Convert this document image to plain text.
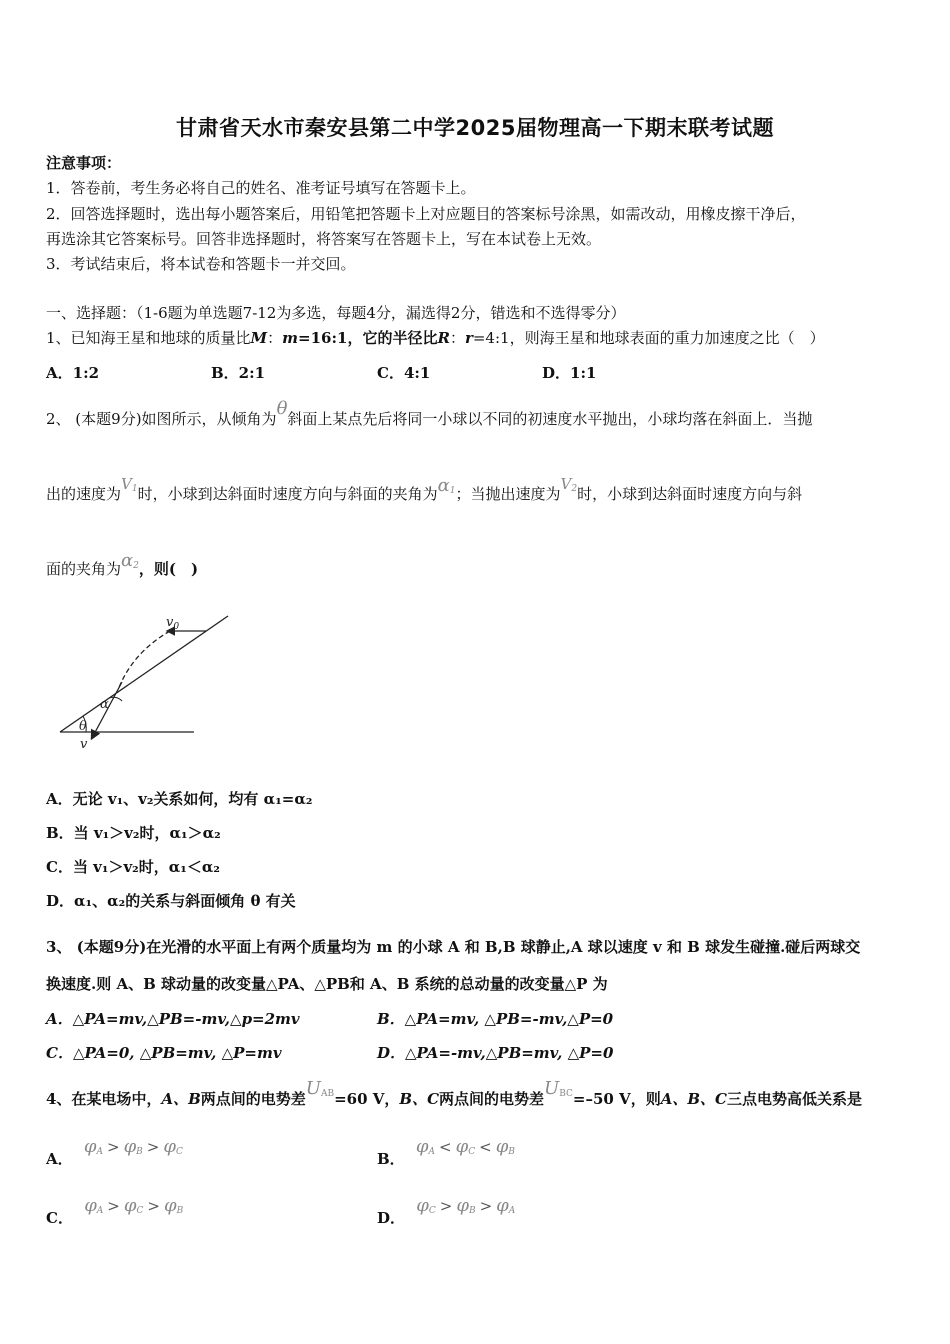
甘肃省天水市秦安县第二中学2025届物理高一下期末联考试题
注意事项：
1．答卷前，考生务必将自己的姓名、准考证号填写在答题卡上。
2．回答选择题时，选出每小题答案后，用铅笔把答题卡上对应题目的答案标号涂黑，如需改动，用橡皮擦干净后，
再选涂其它答案标号。回答非选择题时，将答案写在答题卡上，写在本试卷上无效。
3．考试结束后，将本试卷和答题卡一并交回。
一、选择题：（1-6题为单选题7-12为多选，每题4分，漏选得2分，错选和不选得零分）
1、已知海王星和地球的质量比M：m=16:1，它的半径比R：r=4:1，则海王星和地球表面的重力加速度之比（　）
A．1:2	B．2:1	C．4:1	D．1:1
2、 (本题9分)如图所示，从倾角为θ斜面上某点先后将同一小球以不同的初速度水平抛出，小球均落在斜面上．当抛
出的速度为$V_1$时，小球到达斜面时速度方向与斜面的夹角为$\alpha_1$；当抛出速度为$V_2$时，小球到达斜面时速度方向与斜
面的夹角为$\alpha_2$，则(　)
$v_0$
α
θ
v
A．无论 v₁、v₂关系如何，均有 α₁=α₂
B．当 v₁＞v₂时，α₁＞α₂
C．当 v₁＞v₂时，α₁＜α₂
D．α₁、α₂的关系与斜面倾角 θ 有关
3、 (本题9分)在光滑的水平面上有两个质量均为 m 的小球 A 和 B,B 球静止,A 球以速度 v 和 B 球发生碰撞.碰后两球交
换速度.则 A、B 球动量的改变量△PA、△PB和 A、B 系统的总动量的改变量△P 为
A．△PA=mv,△PB=-mv,△p=2mv	B．△PA=mv, △PB=-mv,△P=0
C．△PA=0, △PB=mv, △P=mv	D．△PA=-mv,△PB=mv, △P=0
4、在某电场中，A、B两点间的电势差$U_{AB}=60$ V，B、C两点间的电势差$U_{BC}=-50$ V，则A、B、C三点电势高低关系是
A． $\varphi_A > \varphi_B > \varphi_C$	B． $\varphi_A < \varphi_C < \varphi_B$
C． $\varphi_A > \varphi_C > \varphi_B$	D． $\varphi_C > \varphi_B > \varphi_A$
